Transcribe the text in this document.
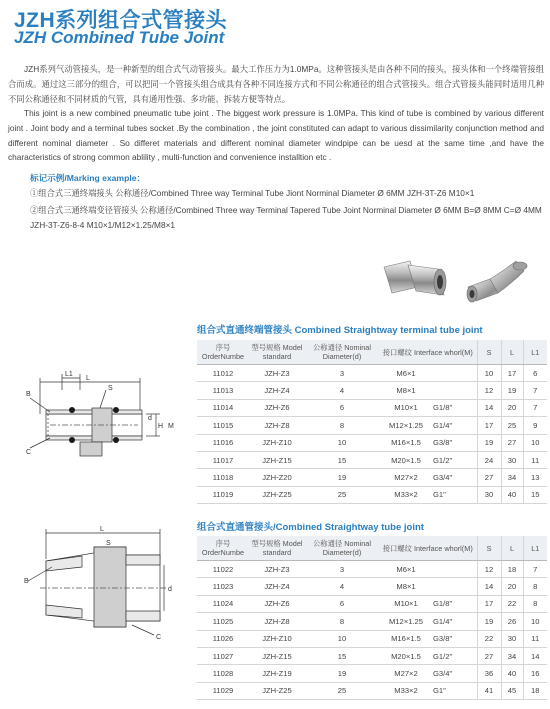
JZH系列组合式管接头
JZH Combined Tube Joint
JZH系列气动管接头，是一种新型的组合式气动管接头。最大工作压力为1.0MPa。这种管接头是由各种不同的接头，接头体和一个终端管接组合而成。通过这三部分的组合，可以把同一个管接头组合成具有各种不同连接方式和不同公称通径的组合式管接头。组合式管接头能同时适用几种不同公称通径和不同材质的气管，具有通用性强、多功能、拆装方便等特点。
This joint is a new combined pneumatic tube joint . The biggest work pressure is 1.0MPa. This kind of tube is combined by various different joint . Joint body and a terminal tubes socket .By the combination , the joint constituted can adapt to various dissimilarity conjunction method and different nominal diameter . So differet materials and different nominal diameter windpipe can be uesd at the same time ,and have the characteristics of strong common ablility , multi-function and convenience installtion etc .
标记示例/Marking example：
①组合式三通终端接头 公称通径/Combined Three way Terminal Tube Jiont Norminal Diameter Ø 6MM JZH-3T-Z6 M10×1
②组合式三通终端变径管接头 公称通径/Combined Three way Terminal Tapered Tube Joint Norminal Diameter Ø 6MM B=Ø 8MM C=Ø 4MM JZH-3T-Z6-8-4 M10×1/M12×1.25/M8×1
L1
L
B
S
d
H M
C
L
S
B
d
C
组合式直通终端管接头 Combined Straightway terminal tube joint
序号 OrderNumbe	型号规格 Model standard	公称通径 Nominal Diameter(d)	接口螺纹 Interface whorl(M)		S	L	L1
11012	JZH-Z3	3	M6×1		10	17	6
11013	JZH-Z4	4	M8×1		12	19	7
11014	JZH-Z6	6	M10×1	G1/8"	14	20	7
11015	JZH-Z8	8	M12×1.25	G1/4"	17	25	9
11016	JZH-Z10	10	M16×1.5	G3/8"	19	27	10
11017	JZH-Z15	15	M20×1.5	G1/2"	24	30	11
11018	JZH-Z20	19	M27×2	G3/4"	27	34	13
11019	JZH-Z25	25	M33×2	G1"	30	40	15
组合式直通管接头/Combined Straightway tube joint
序号 OrderNumbe	型号规格 Model standard	公称通径 Nominal Diameter(d)	接口螺纹 Interface whorl(M)		S	L	L1
11022	JZH-Z3	3	M6×1		12	18	7
11023	JZH-Z4	4	M8×1		14	20	8
11024	JZH-Z6	6	M10×1	G1/8"	17	22	8
11025	JZH-Z8	8	M12×1.25	G1/4"	19	26	10
11026	JZH-Z10	10	M16×1.5	G3/8"	22	30	11
11027	JZH-Z15	15	M20×1.5	G1/2"	27	34	14
11028	JZH-Z19	19	M27×2	G3/4"	36	40	16
11029	JZH-Z25	25	M33×2	G1"	41	45	18
